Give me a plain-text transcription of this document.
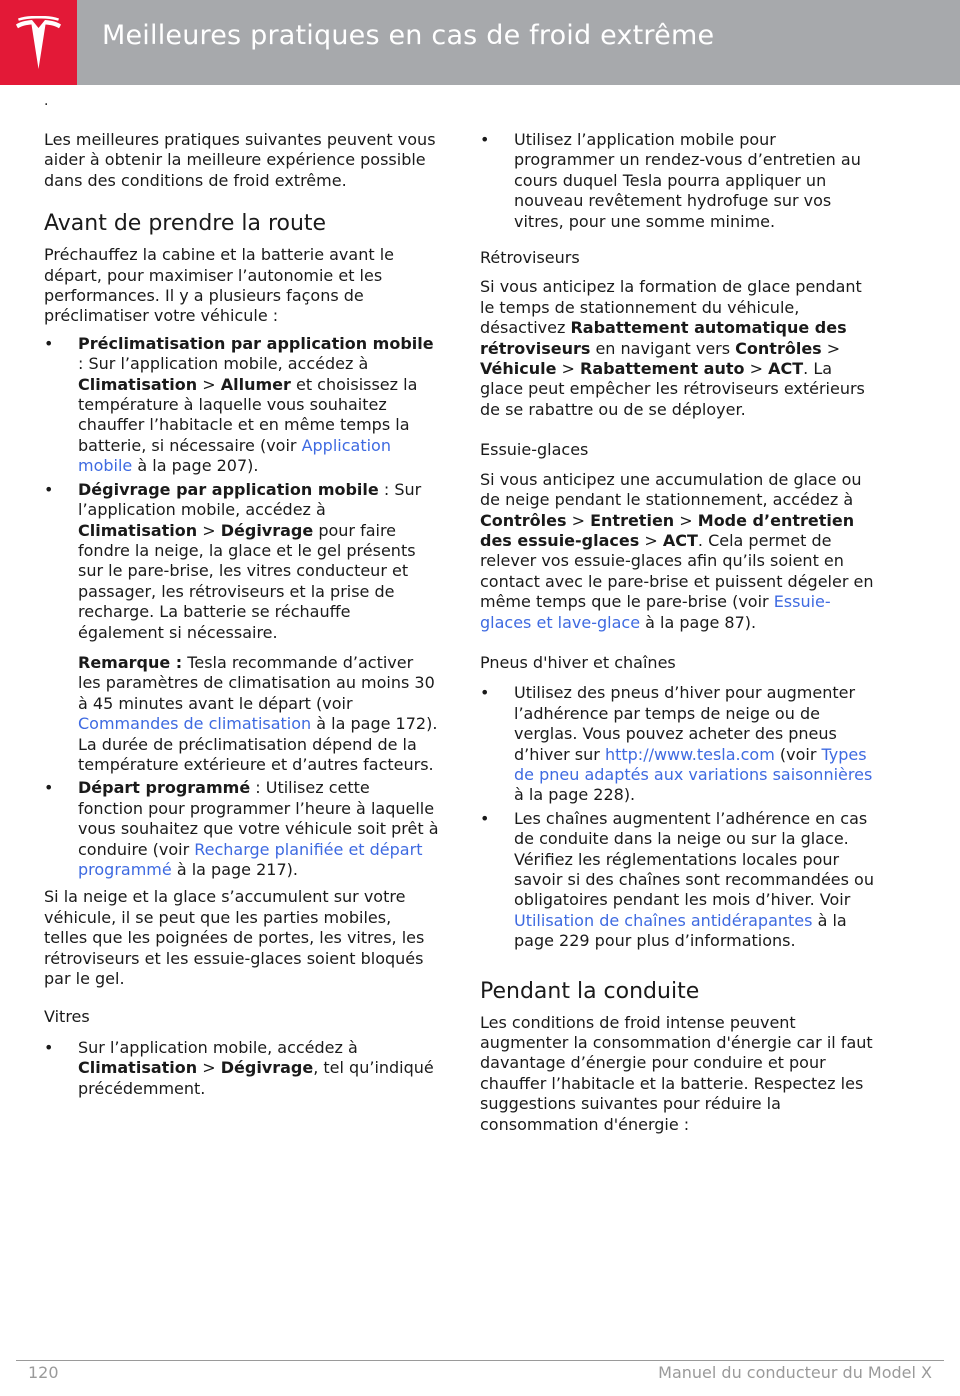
Meilleures pratiques en cas de froid extrême
.

Les meilleures pratiques suivantes peuvent vous aider à obtenir la meilleure expérience possible dans des conditions de froid extrême.

Avant de prendre la route

Préchauffez la cabine et la batterie avant le départ, pour maximiser l’autonomie et les performances. Il y a plusieurs façons de préclimatiser votre véhicule :

• Préclimatisation par application mobile : Sur l’application mobile, accédez à Climatisation > Allumer et choisissez la température à laquelle vous souhaitez chauffer l’habitacle et en même temps la batterie, si nécessaire (voir Application mobile à la page 207).
• Dégivrage par application mobile : Sur l’application mobile, accédez à Climatisation > Dégivrage pour faire fondre la neige, la glace et le gel présents sur le pare-brise, les vitres conducteur et passager, les rétroviseurs et la prise de recharge. La batterie se réchauffe également si nécessaire.
Remarque : Tesla recommande d’activer les paramètres de climatisation au moins 30 à 45 minutes avant le départ (voir Commandes de climatisation à la page 172). La durée de préclimatisation dépend de la température extérieure et d’autres facteurs.
• Départ programmé : Utilisez cette fonction pour programmer l’heure à laquelle vous souhaitez que votre véhicule soit prêt à conduire (voir Recharge planifiée et départ programmé à la page 217).

Si la neige et la glace s’accumulent sur votre véhicule, il se peut que les parties mobiles, telles que les poignées de portes, les vitres, les rétroviseurs et les essuie-glaces soient bloqués par le gel.

Vitres
• Sur l’application mobile, accédez à Climatisation > Dégivrage, tel qu’indiqué précédemment.
• Utilisez l’application mobile pour programmer un rendez-vous d’entretien au cours duquel Tesla pourra appliquer un nouveau revêtement hydrofuge sur vos vitres, pour une somme minime.
Rétroviseurs

Si vous anticipez la formation de glace pendant le temps de stationnement du véhicule, désactivez Rabattement automatique des rétroviseurs en navigant vers Contrôles > Véhicule > Rabattement auto > ACT. La glace peut empêcher les rétroviseurs extérieurs de se rabattre ou de se déployer.

Essuie-glaces

Si vous anticipez une accumulation de glace ou de neige pendant le stationnement, accédez à Contrôles > Entretien > Mode d’entretien des essuie-glaces > ACT. Cela permet de relever vos essuie-glaces afin qu’ils soient en contact avec le pare-brise et puissent dégeler en même temps que le pare-brise (voir Essuie-glaces et lave-glace à la page 87).

Pneus d'hiver et chaînes
• Utilisez des pneus d’hiver pour augmenter l’adhérence par temps de neige ou de verglas. Vous pouvez acheter des pneus d’hiver sur http://www.tesla.com (voir Types de pneu adaptés aux variations saisonnières à la page 228).
• Les chaînes augmentent l’adhérence en cas de conduite dans la neige ou sur la glace. Vérifiez les réglementations locales pour savoir si des chaînes sont recommandées ou obligatoires pendant les mois d’hiver. Voir Utilisation de chaînes antidérapantes à la page 229 pour plus d’informations.
Pendant la conduite

Les conditions de froid intense peuvent augmenter la consommation d'énergie car il faut davantage d’énergie pour conduire et pour chauffer l’habitacle et la batterie. Respectez les suggestions suivantes pour réduire la consommation d'énergie :

120	Manuel du conducteur du Model X
